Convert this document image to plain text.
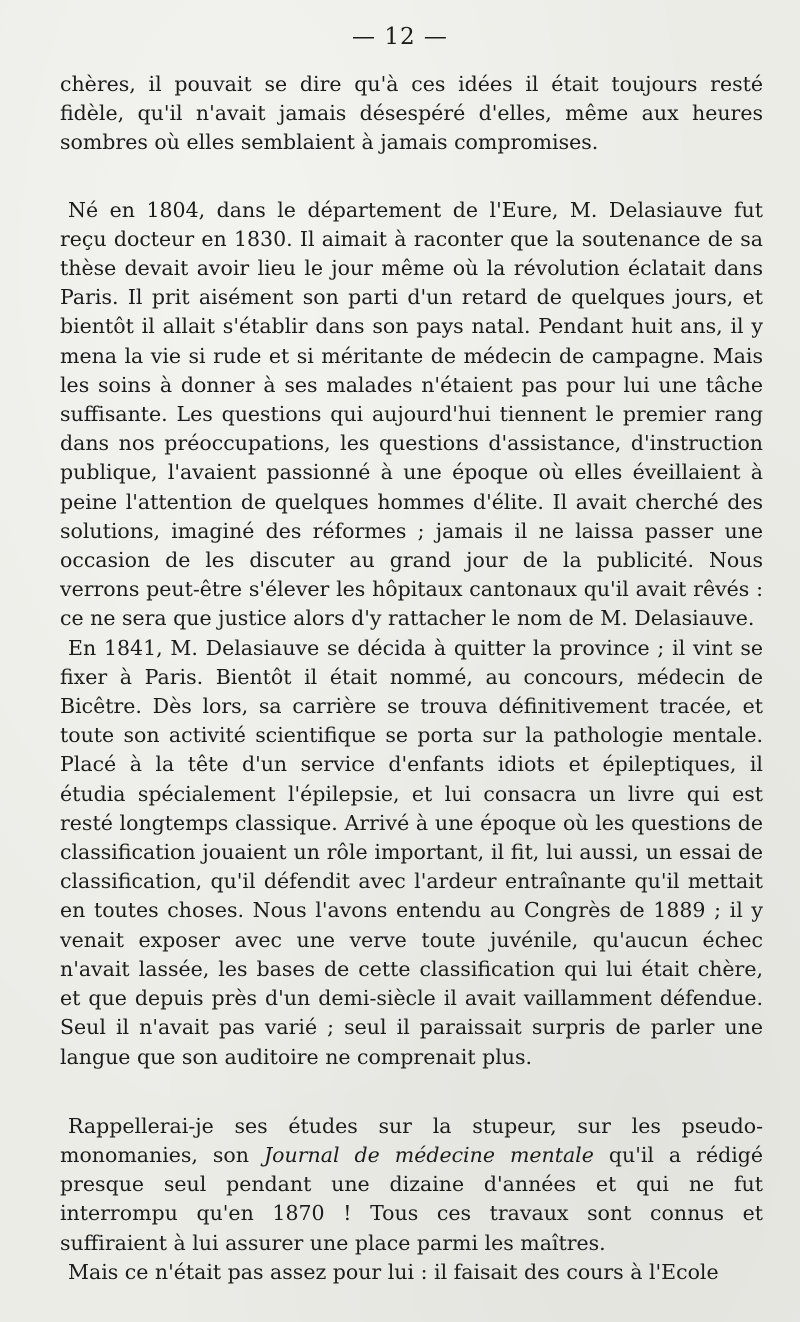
— 12 —

chères, il pouvait se dire qu'à ces idées il était toujours resté fidèle, qu'il n'avait jamais désespéré d'elles, même aux heures sombres où elles semblaient à jamais compromises.

Né en 1804, dans le département de l'Eure, M. Delasiauve fut reçu docteur en 1830. Il aimait à raconter que la soutenance de sa thèse devait avoir lieu le jour même où la révolution éclatait dans Paris. Il prit aisément son parti d'un retard de quelques jours, et bientôt il allait s'établir dans son pays natal. Pendant huit ans, il y mena la vie si rude et si méritante de médecin de campagne. Mais les soins à donner à ses malades n'étaient pas pour lui une tâche suffisante. Les questions qui aujourd'hui tiennent le premier rang dans nos préoccupations, les questions d'assistance, d'instruction publique, l'avaient passionné à une époque où elles éveillaient à peine l'attention de quelques hommes d'élite. Il avait cherché des solutions, imaginé des réformes ; jamais il ne laissa passer une occasion de les discuter au grand jour de la publicité. Nous verrons peut-être s'élever les hôpitaux cantonaux qu'il avait rêvés : ce ne sera que justice alors d'y rattacher le nom de M. Delasiauve.

En 1841, M. Delasiauve se décida à quitter la province ; il vint se fixer à Paris. Bientôt il était nommé, au concours, médecin de Bicêtre. Dès lors, sa carrière se trouva définitivement tracée, et toute son activité scientifique se porta sur la pathologie mentale. Placé à la tête d'un service d'enfants idiots et épileptiques, il étudia spécialement l'épilepsie, et lui consacra un livre qui est resté longtemps classique. Arrivé à une époque où les questions de classification jouaient un rôle important, il fit, lui aussi, un essai de classification, qu'il défendit avec l'ardeur entraînante qu'il mettait en toutes choses. Nous l'avons entendu au Congrès de 1889 ; il y venait exposer avec une verve toute juvénile, qu'aucun échec n'avait lassée, les bases de cette classification qui lui était chère, et que depuis près d'un demi-siècle il avait vaillamment défendue. Seul il n'avait pas varié ; seul il paraissait surpris de parler une langue que son auditoire ne comprenait plus.

Rappellerai-je ses études sur la stupeur, sur les pseudo-monomanies, son Journal de médecine mentale qu'il a rédigé presque seul pendant une dizaine d'années et qui ne fut interrompu qu'en 1870 ! Tous ces travaux sont connus et suffiraient à lui assurer une place parmi les maîtres.

Mais ce n'était pas assez pour lui : il faisait des cours à l'Ecole
